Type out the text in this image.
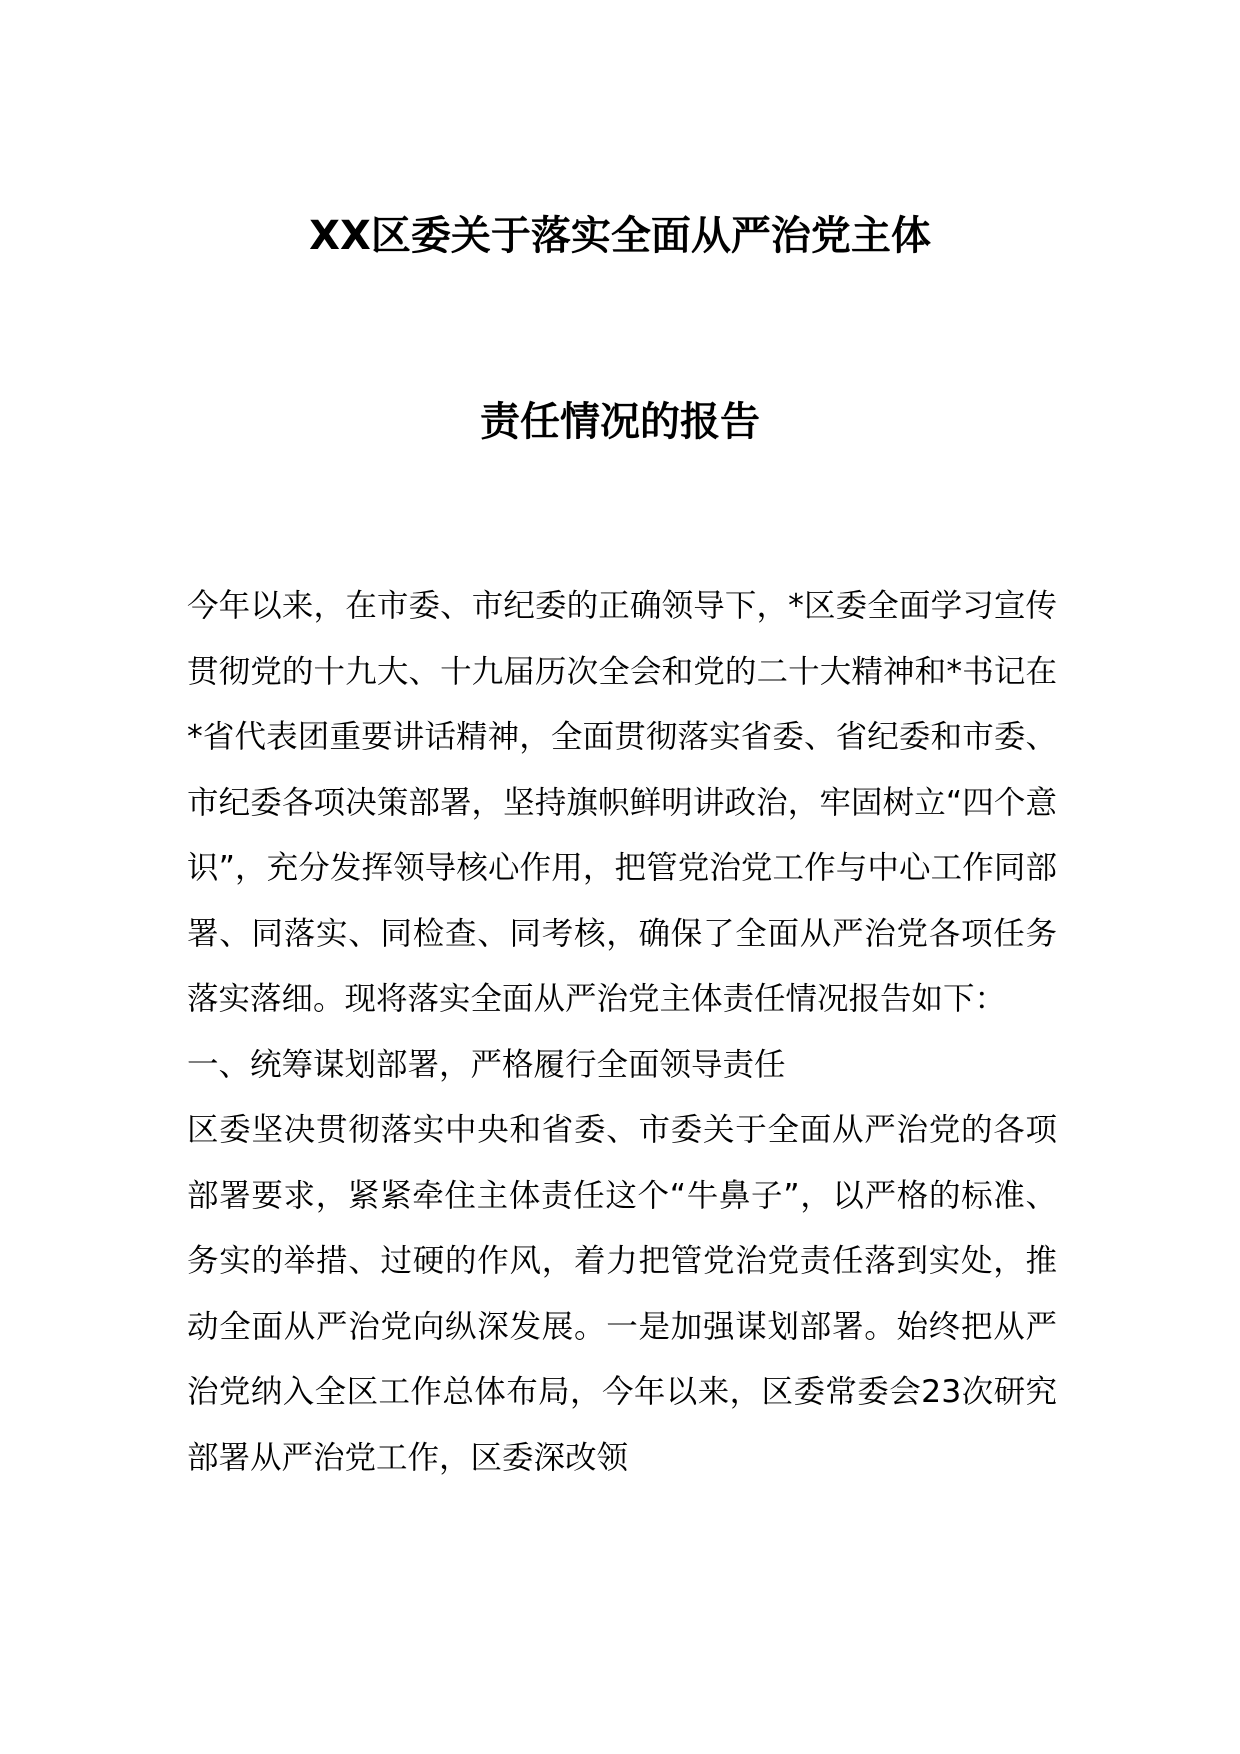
XX区委关于落实全面从严治党主体
责任情况的报告

今年以来，在市委、市纪委的正确领导下，*区委全面学习宣传贯彻党的十九大、十九届历次全会和党的二十大精神和*书记在*省代表团重要讲话精神，全面贯彻落实省委、省纪委和市委、市纪委各项决策部署，坚持旗帜鲜明讲政治，牢固树立“四个意识”，充分发挥领导核心作用，把管党治党工作与中心工作同部署、同落实、同检查、同考核，确保了全面从严治党各项任务落实落细。现将落实全面从严治党主体责任情况报告如下：

一、统筹谋划部署，严格履行全面领导责任

区委坚决贯彻落实中央和省委、市委关于全面从严治党的各项部署要求，紧紧牵住主体责任这个“牛鼻子”，以严格的标准、务实的举措、过硬的作风，着力把管党治党责任落到实处，推动全面从严治党向纵深发展。一是加强谋划部署。始终把从严治党纳入全区工作总体布局，今年以来，区委常委会23次研究部署从严治党工作，区委深改领
